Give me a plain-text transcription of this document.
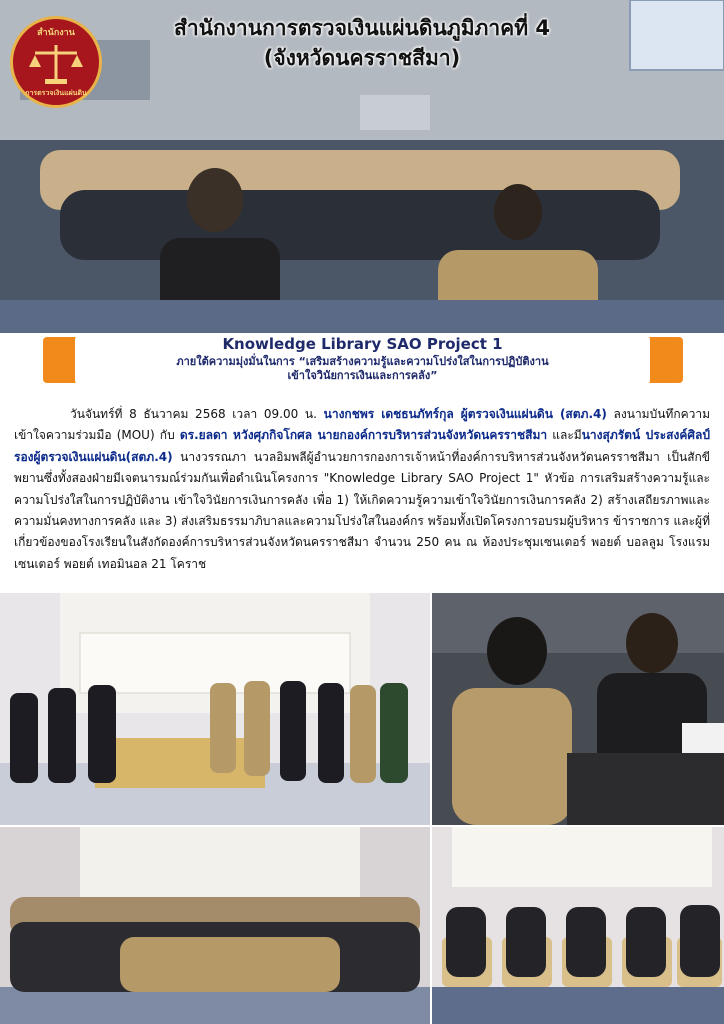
สำนักงาน
การตรวจเงินแผ่นดิน
สำนักงานการตรวจเงินแผ่นดินภูมิภาคที่ 4
(จังหวัดนครราชสีมา)
Knowledge Library SAO Project 1
ภายใต้ความมุ่งมั่นในการ “เสริมสร้างความรู้และความโปร่งใสในการปฏิบัติงาน
เข้าใจวินัยการเงินและการคลัง”
วันจันทร์ที่ 8 ธันวาคม 2568 เวลา 09.00 น. นางกชพร เดชธนภัทร์กุล ผู้ตรวจเงินแผ่นดิน (สตภ.4) ลงนามบันทึกความเข้าใจความร่วมมือ (MOU) กับ ดร.ยลดา หวังศุภกิจโกศล นายกองค์การบริหารส่วนจังหวัดนครราชสีมา และมีนางสุภรัตน์ ประสงค์ศิลป์ รองผู้ตรวจเงินแผ่นดิน(สตภ.4) นางวรรณภา นวลอิมพลีผู้อำนวยการกองการเจ้าหน้าที่องค์การบริหารส่วนจังหวัดนครราชสีมา เป็นสักขีพยานซึ่งทั้งสองฝ่ายมีเจตนารมณ์ร่วมกันเพื่อดำเนินโครงการ "Knowledge Library SAO Project 1" หัวข้อ การเสริมสร้างความรู้และความโปร่งใสในการปฏิบัติงาน เข้าใจวินัยการเงินการคลัง เพื่อ 1) ให้เกิดความรู้ความเข้าใจวินัยการเงินการคลัง 2) สร้างเสถียรภาพและความมั่นคงทางการคลัง และ 3) ส่งเสริมธรรมาภิบาลและความโปร่งใสในองค์กร พร้อมทั้งเปิดโครงการอบรมผู้บริหาร ข้าราชการ และผู้ที่เกี่ยวข้องของโรงเรียนในสังกัดองค์การบริหารส่วนจังหวัดนครราชสีมา จำนวน 250 คน ณ ห้องประชุมเซนเตอร์ พอยต์ บอลลูม โรงแรมเซนเตอร์ พอยต์ เทอมินอล 21 โคราช
